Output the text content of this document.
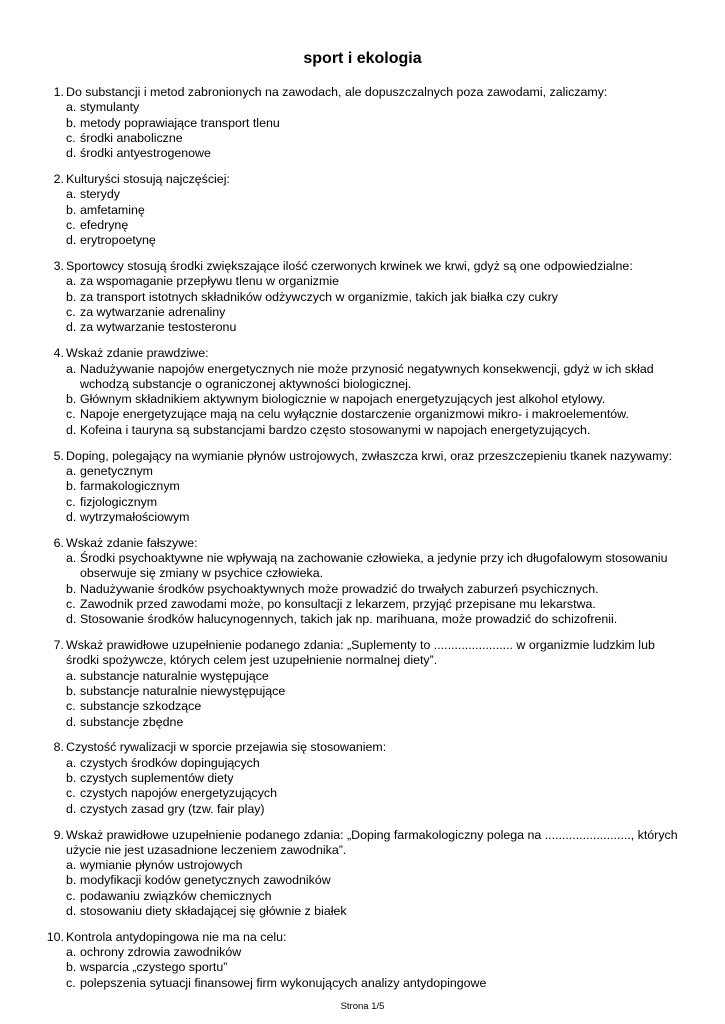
sport i ekologia
1. Do substancji i metod zabronionych na zawodach, ale dopuszczalnych poza zawodami, zaliczamy:
a. stymulanty
b. metody poprawiające transport tlenu
c. środki anaboliczne
d. środki antyestrogenowe
2. Kulturyści stosują najczęściej:
a. sterydy
b. amfetaminę
c. efedrynę
d. erytropoetynę
3. Sportowcy stosują środki zwiększające ilość czerwonych krwinek we krwi, gdyż są one odpowiedzialne:
a. za wspomaganie przepływu tlenu w organizmie
b. za transport istotnych składników odżywczych w organizmie, takich jak białka czy cukry
c. za wytwarzanie adrenaliny
d. za wytwarzanie testosteronu
4. Wskaż zdanie prawdziwe:
a. Nadużywanie napojów energetycznych nie może przynosić negatywnych konsekwencji, gdyż w ich skład wchodzą substancje o ograniczonej aktywności biologicznej.
b. Głównym składnikiem aktywnym biologicznie w napojach energetyzujących jest alkohol etylowy.
c. Napoje energetyzujące mają na celu wyłącznie dostarczenie organizmowi mikro- i makroelementów.
d. Kofeina i tauryna są substancjami bardzo często stosowanymi w napojach energetyzujących.
5. Doping, polegający na wymianie płynów ustrojowych, zwłaszcza krwi, oraz przeszczepieniu tkanek nazywamy:
a. genetycznym
b. farmakologicznym
c. fizjologicznym
d. wytrzymałościowym
6. Wskaż zdanie fałszywe:
a. Środki psychoaktywne nie wpływają na zachowanie człowieka, a jedynie przy ich długofalowym stosowaniu obserwuje się zmiany w psychice człowieka.
b. Nadużywanie środków psychoaktywnych może prowadzić do trwałych zaburzeń psychicznych.
c. Zawodnik przed zawodami może, po konsultacji z lekarzem, przyjąć przepisane mu lekarstwa.
d. Stosowanie środków halucynogennych, takich jak np. marihuana, może prowadzić do schizofrenii.
7. Wskaż prawidłowe uzupełnienie podanego zdania: „Suplementy to ....................... w organizmie ludzkim lub środki spożywcze, których celem jest uzupełnienie normalnej diety”.
a. substancje naturalnie występujące
b. substancje naturalnie niewystępujące
c. substancje szkodzące
d. substancje zbędne
8. Czystość rywalizacji w sporcie przejawia się stosowaniem:
a. czystych środków dopingujących
b. czystych suplementów diety
c. czystych napojów energetyzujących
d. czystych zasad gry (tzw. fair play)
9. Wskaż prawidłowe uzupełnienie podanego zdania: „Doping farmakologiczny polega na ........................., których użycie nie jest uzasadnione leczeniem zawodnika”.
a. wymianie płynów ustrojowych
b. modyfikacji kodów genetycznych zawodników
c. podawaniu związków chemicznych
d. stosowaniu diety składającej się głównie z białek
10. Kontrola antydopingowa nie ma na celu:
a. ochrony zdrowia zawodników
b. wsparcia „czystego sportu”
c. polepszenia sytuacji finansowej firm wykonujących analizy antydopingowe
Strona 1/5
